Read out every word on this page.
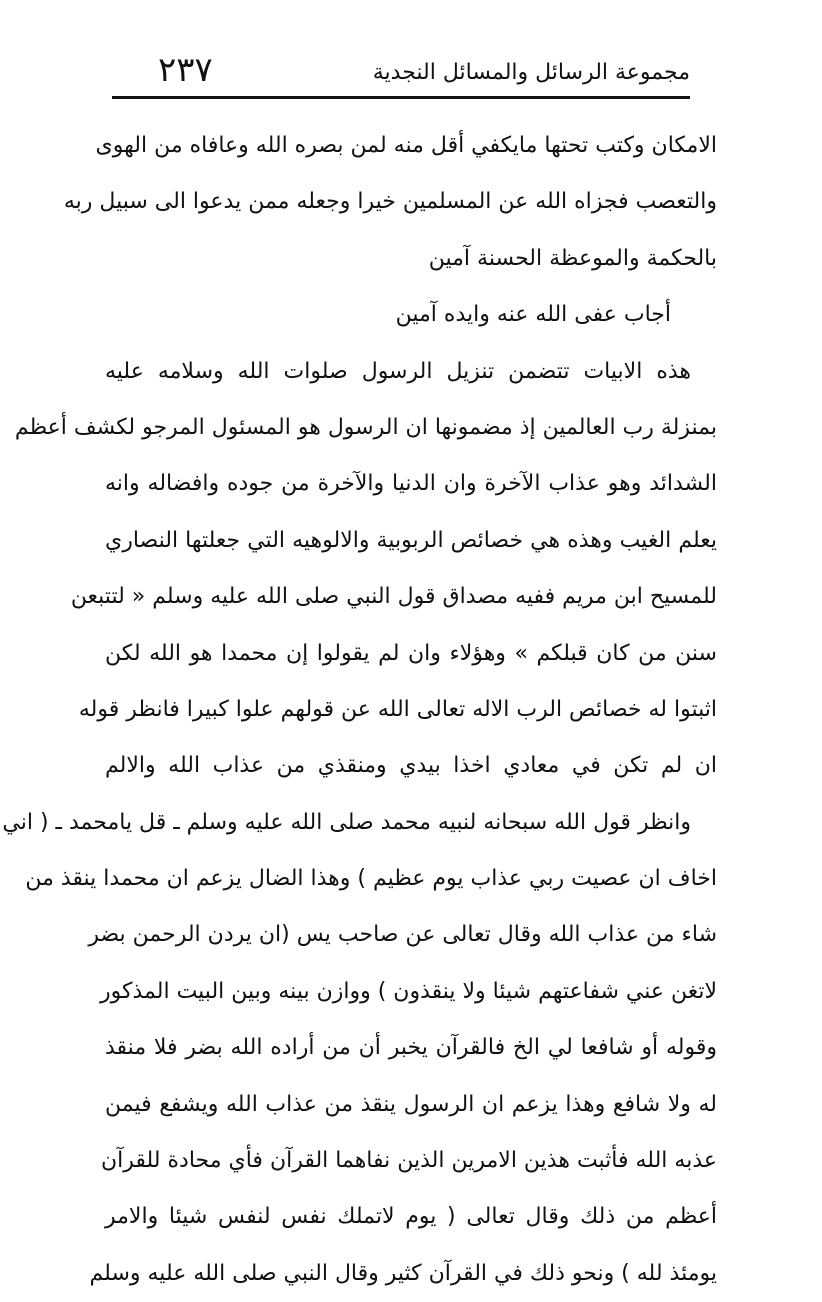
مجموعة الرسائل والمسائل النجدية
٢٣٧
الامكان وكتب تحتها مايكفي أقل منه لمن بصره الله وعافاه من الهوى
والتعصب فجزاه الله عن المسلمين خيرا وجعله ممن يدعوا الى سبيل ربه
بالحكمة والموعظة الحسنة آمين
أجاب عفى الله عنه وايده آمين
هذه الابيات تتضمن تنزيل الرسول صلوات الله وسلامه عليه
بمنزلة رب العالمين إذ مضمونها ان الرسول هو المسئول المرجو لكشف أعظم
الشدائد وهو عذاب الآخرة وان الدنيا والآخرة من جوده وافضاله وانه
يعلم الغيب وهذه هي خصائص الربوبية والالوهيه التي جعلتها النصاري
للمسيح ابن مريم ففيه مصداق قول النبي صلى الله عليه وسلم « لتتبعن
سنن من كان قبلكم » وهؤلاء وان لم يقولوا إن محمدا هو الله لكن
اثبتوا له خصائص الرب الاله تعالى الله عن قولهم علوا كبيرا فانظر قوله
ان لم تكن في معادي اخذا بيدي ومنقذي من عذاب الله والالم
وانظر قول الله سبحانه لنبيه محمد صلى الله عليه وسلم ـ قل يامحمد ـ ( اني
اخاف ان عصيت ربي عذاب يوم عظيم ) وهذا الضال يزعم ان محمدا ينقذ من
شاء من عذاب الله وقال تعالى عن صاحب يس (ان يردن الرحمن بضر
لاتغن عني شفاعتهم شيئا ولا ينقذون ) ووازن بينه وبين البيت المذكور
وقوله أو شافعا لي الخ فالقرآن يخبر أن من أراده الله بضر فلا منقذ
له ولا شافع وهذا يزعم ان الرسول ينقذ من عذاب الله ويشفع فيمن
عذبه الله فأثبت هذين الامرين الذين نفاهما القرآن فأي محادة للقرآن
أعظم من ذلك وقال تعالى ( يوم لاتملك نفس لنفس شيئا والامر
يومئذ لله ) ونحو ذلك في القرآن كثير وقال النبي صلى الله عليه وسلم
